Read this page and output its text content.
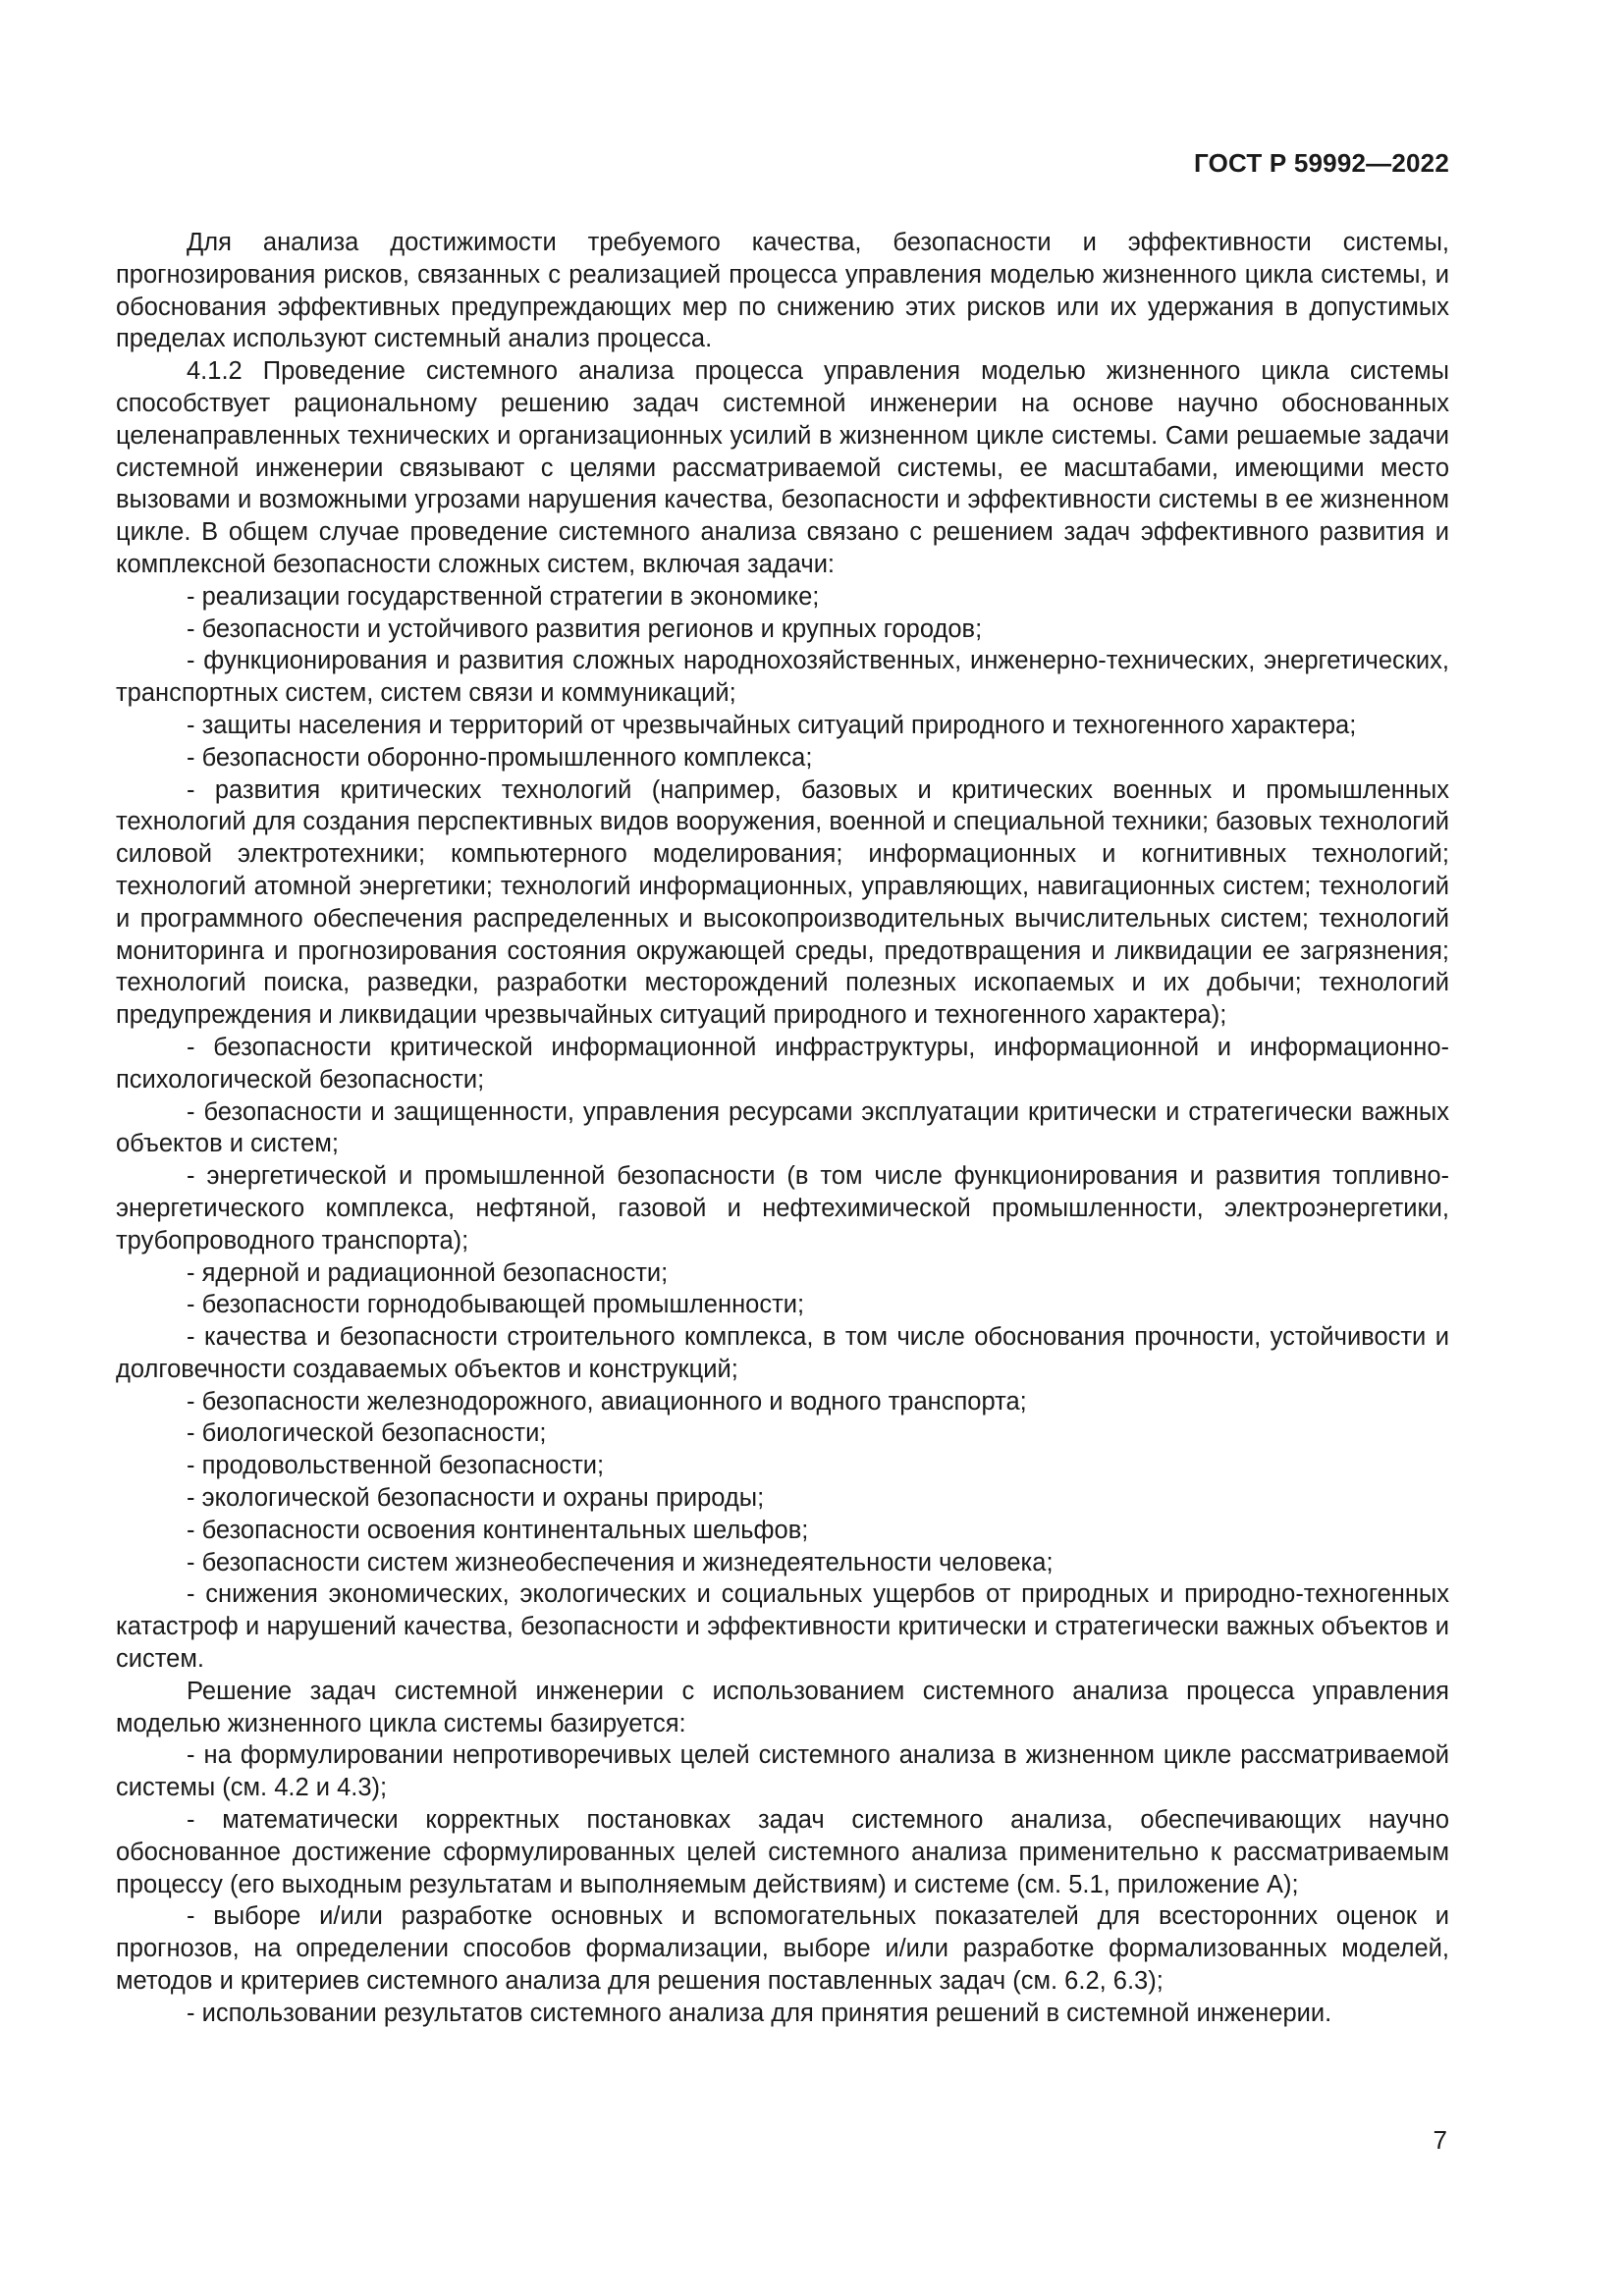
ГОСТ Р 59992—2022

Для анализа достижимости требуемого качества, безопасности и эффективности системы, прогнозирования рисков, связанных с реализацией процесса управления моделью жизненного цикла системы, и обоснования эффективных предупреждающих мер по снижению этих рисков или их удержания в допустимых пределах используют системный анализ процесса.

4.1.2 Проведение системного анализа процесса управления моделью жизненного цикла системы способствует рациональному решению задач системной инженерии на основе научно обоснованных целенаправленных технических и организационных усилий в жизненном цикле системы. Сами решаемые задачи системной инженерии связывают с целями рассматриваемой системы, ее масштабами, имеющими место вызовами и возможными угрозами нарушения качества, безопасности и эффективности системы в ее жизненном цикле. В общем случае проведение системного анализа связано с решением задач эффективного развития и комплексной безопасности сложных систем, включая задачи:

- реализации государственной стратегии в экономике;

- безопасности и устойчивого развития регионов и крупных городов;

- функционирования и развития сложных народнохозяйственных, инженерно-технических, энергетических, транспортных систем, систем связи и коммуникаций;

- защиты населения и территорий от чрезвычайных ситуаций природного и техногенного характера;

- безопасности оборонно-промышленного комплекса;

- развития критических технологий (например, базовых и критических военных и промышленных технологий для создания перспективных видов вооружения, военной и специальной техники; базовых технологий силовой электротехники; компьютерного моделирования; информационных и когнитивных технологий; технологий атомной энергетики; технологий информационных, управляющих, навигационных систем; технологий и программного обеспечения распределенных и высокопроизводительных вычислительных систем; технологий мониторинга и прогнозирования состояния окружающей среды, предотвращения и ликвидации ее загрязнения; технологий поиска, разведки, разработки месторождений полезных ископаемых и их добычи; технологий предупреждения и ликвидации чрезвычайных ситуаций природного и техногенного характера);

- безопасности критической информационной инфраструктуры, информационной и информационно-психологической безопасности;

- безопасности и защищенности, управления ресурсами эксплуатации критически и стратегически важных объектов и систем;

- энергетической и промышленной безопасности (в том числе функционирования и развития топливно-энергетического комплекса, нефтяной, газовой и нефтехимической промышленности, электроэнергетики, трубопроводного транспорта);

- ядерной и радиационной безопасности;

- безопасности горнодобывающей промышленности;

- качества и безопасности строительного комплекса, в том числе обоснования прочности, устойчивости и долговечности создаваемых объектов и конструкций;

- безопасности железнодорожного, авиационного и водного транспорта;

- биологической безопасности;

- продовольственной безопасности;

- экологической безопасности и охраны природы;

- безопасности освоения континентальных шельфов;

- безопасности систем жизнеобеспечения и жизнедеятельности человека;

- снижения экономических, экологических и социальных ущербов от природных и природно-техногенных катастроф и нарушений качества, безопасности и эффективности критически и стратегически важных объектов и систем.

Решение задач системной инженерии с использованием системного анализа процесса управления моделью жизненного цикла системы базируется:

- на формулировании непротиворечивых целей системного анализа в жизненном цикле рассматриваемой системы (см. 4.2 и 4.3);

- математически корректных постановках задач системного анализа, обеспечивающих научно обоснованное достижение сформулированных целей системного анализа применительно к рассматриваемым процессу (его выходным результатам и выполняемым действиям) и системе (см. 5.1, приложение А);

- выборе и/или разработке основных и вспомогательных показателей для всесторонних оценок и прогнозов, на определении способов формализации, выборе и/или разработке формализованных моделей, методов и критериев системного анализа для решения поставленных задач (см. 6.2, 6.3);

- использовании результатов системного анализа для принятия решений в системной инженерии.

7
